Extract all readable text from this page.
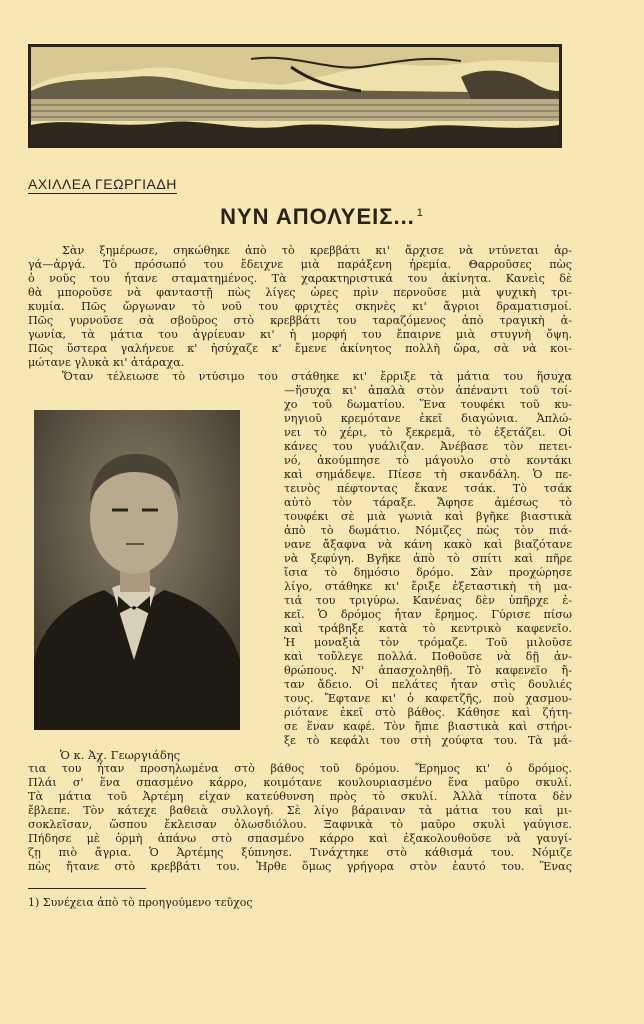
ΑΧΙΛΛΕΑ ΓΕΩΡΓΙΑΔΗ
ΝΥΝ ΑΠΟΛΥΕΙΣ... $^1$
Σὰν ξημέρωσε, σηκώθηκε ἀπὸ τὸ κρεββάτι κι' ἄρχισε νὰ ντύνεται ἀρ-
γά—ἀργά. Τὸ πρόσωπό του ἔδειχνε μιὰ παράξενη ἠρεμία. Θαρροῦσες πὼς
ὁ νοῦς του ἦτανε σταματημένος. Τὰ χαρακτηριστικά του ἀκίνητα. Κανεὶς δὲ
θὰ μποροῦσε νὰ φανταστῇ πὼς λίγες ὧρες πρὶν περνοῦσε μιὰ ψυχικὴ τρι-
κυμία. Πῶς ὤργωναν τὸ νοῦ του φριχτὲς σκηνὲς κι' ἄγριοι δραματισμοί.
Πῶς γυρνοῦσε σὰ σβοῦρος στὸ κρεββάτι του ταραζόμενος ἀπὸ τραγικὴ ἀ-
γωνία, τὰ μάτια του ἀγρίευαν κι' ἡ μορφή του ἔπαιρνε μιὰ στυγνὴ ὄψη.
Πῶς ὕστερα γαλήνευε κ' ἡσύχαζε κ' ἔμενε ἀκίνητος πολλὴ ὥρα, σὰ νὰ κοι-
μώτανε γλυκὰ κι' ἀτάραχα.
Ὅταν τέλειωσε τὸ ντύσιμο του στάθηκε κι' ἔρριξε τὰ μάτια του ἥσυχα
—ἥσυχα κι' ἀπαλὰ στὸν ἀπέναντι τοῦ τοί-
χο τοῦ δωματίου. Ἕνα τουφέκι τοῦ κυ-
νηγιοῦ κρεμότανε ἐκεῖ διαγώνια. Ἁπλώ-
νει τὸ χέρι, τὸ ξεκρεμᾶ, τὸ ἐξετάζει. Οἱ
κάνες του γυάλιζαν. Ἀνέβασε τὸν πετει-
νό, ἀκούμπησε τὸ μάγουλο στὸ κοντάκι
καὶ σημάδεψε. Πίεσε τὴ σκανδάλη. Ὁ πε-
τεινὸς πέφτοντας ἔκανε τσάκ. Τὸ τσάκ
αὐτὸ τὸν τάραξε. Ἄφησε ἀμέσως τὸ
τουφέκι σὲ μιὰ γωνιὰ καὶ βγῆκε βιαστικὰ
ἀπὸ τὸ δωμάτιο. Νόμιζες πὼς τὸν πιά-
νανε ἄξαφνα νὰ κάνη κακὸ καὶ βιαζότανε
νὰ ξεφύγη. Βγῆκε ἀπὸ τὸ σπίτι καὶ πῆρε
ἴσια τὸ δημόσιο δρόμο. Σὰν προχώρησε
λίγο, στάθηκε κι' ἔριξε ἐξεταστικὴ τὴ μα-
τιά του τριγύρω. Κανένας δὲν ὑπῆρχε ἐ-
κεῖ. Ὁ δρόμος ἦταν ἔρημος. Γύρισε πίσω
καὶ τράβηξε κατὰ τὸ κεντρικὸ καφενεῖο.
Ἡ μοναξιὰ τὸν τρόμαζε. Τοῦ μιλοῦσε
καὶ τοὔλεγε πολλά. Ποθοῦσε νὰ δῇ ἀν-
θρώπους. Ν' ἀπασχοληθῇ. Τὸ καφενεῖο ἤ-
ταν ἄδειο. Οἱ πελάτες ἦταν στὶς δουλιές
τους. Ἔφτανε κι' ὁ καφετζῆς, ποὺ χασμου-
ριότανε ἐκεῖ στὸ βάθος. Κάθησε καὶ ζήτη-
σε ἕναν καφέ. Τὸν ἤπιε βιαστικὰ καὶ στήρι-
ξε τὸ κεφάλι του στὴ χούφτα του. Τὰ μά-
Ὁ κ. Ἀχ. Γεωργιάδης
τια του ἦταν προσηλωμένα στὸ βάθος τοῦ δρόμου. Ἔρημος κι' ὁ δρόμος.
Πλάι σ' ἕνα σπασμένο κάρρο, κοιμότανε κουλουριασμένο ἕνα μαῦρο σκυλί.
Τὰ μάτια τοῦ Ἀρτέμη εἶχαν κατεύθυνση πρὸς τὸ σκυλί. Ἀλλὰ τίποτα δὲν
ἔβλεπε. Τὸν κάτεχε βαθειὰ συλλογή. Σὲ λίγο βάραιναν τὰ μάτια του καὶ μι-
σοκλεῖσαν, ὥσπου ἔκλεισαν ὁλωσδιόλου. Ξαφνικὰ τὸ μαῦρο σκυλὶ γαύγισε.
Πήδησε μὲ ὁρμὴ ἀπάνω στὸ σπασμένο κάρρο καὶ ἐξακολουθοῦσε νὰ γαυγί-
ζῃ πιὸ ἄγρια. Ὁ Ἀρτέμης ξύπνησε. Τινάχτηκε στὸ κάθισμά του. Νόμιζε
πὼς ἤτανε στὸ κρεββάτι του. Ἦρθε ὅμως γρήγορα στὸν ἑαυτό του. Ἕνας
1) Συνέχεια ἀπὸ τὸ προηγούμενο τεῦχος
